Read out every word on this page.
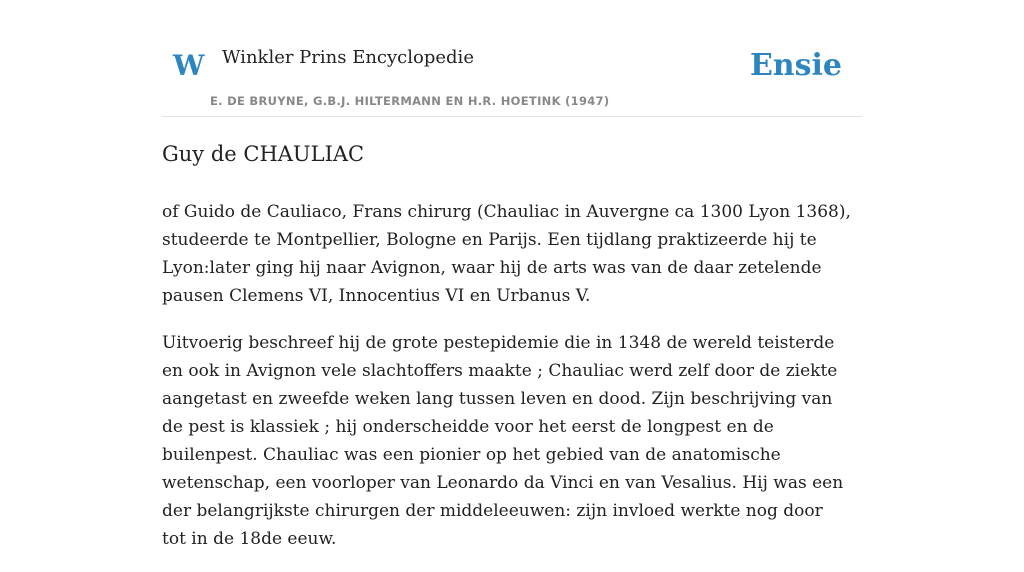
W Winkler Prins Encyclopedie
E. DE BRUYNE, G.B.J. HILTERMANN EN H.R. HOETINK (1947)
Ensie
Guy de CHAULIAC

of Guido de Cauliaco, Frans chirurg (Chauliac in Auvergne ca 1300 Lyon 1368), studeerde te Montpellier, Bologne en Parijs. Een tijdlang praktizeerde hij te Lyon:later ging hij naar Avignon, waar hij de arts was van de daar zetelende pausen Clemens VI, Innocentius VI en Urbanus V.

Uitvoerig beschreef hij de grote pestepidemie die in 1348 de wereld teisterde en ook in Avignon vele slachtoffers maakte ; Chauliac werd zelf door de ziekte aangetast en zweefde weken lang tussen leven en dood. Zijn beschrijving van de pest is klassiek ; hij onderscheidde voor het eerst de longpest en de builenpest. Chauliac was een pionier op het gebied van de anatomische wetenschap, een voorloper van Leonardo da Vinci en van Vesalius. Hij was een der belangrijkste chirurgen der middeleeuwen: zijn invloed werkte nog door tot in de 18de eeuw.
